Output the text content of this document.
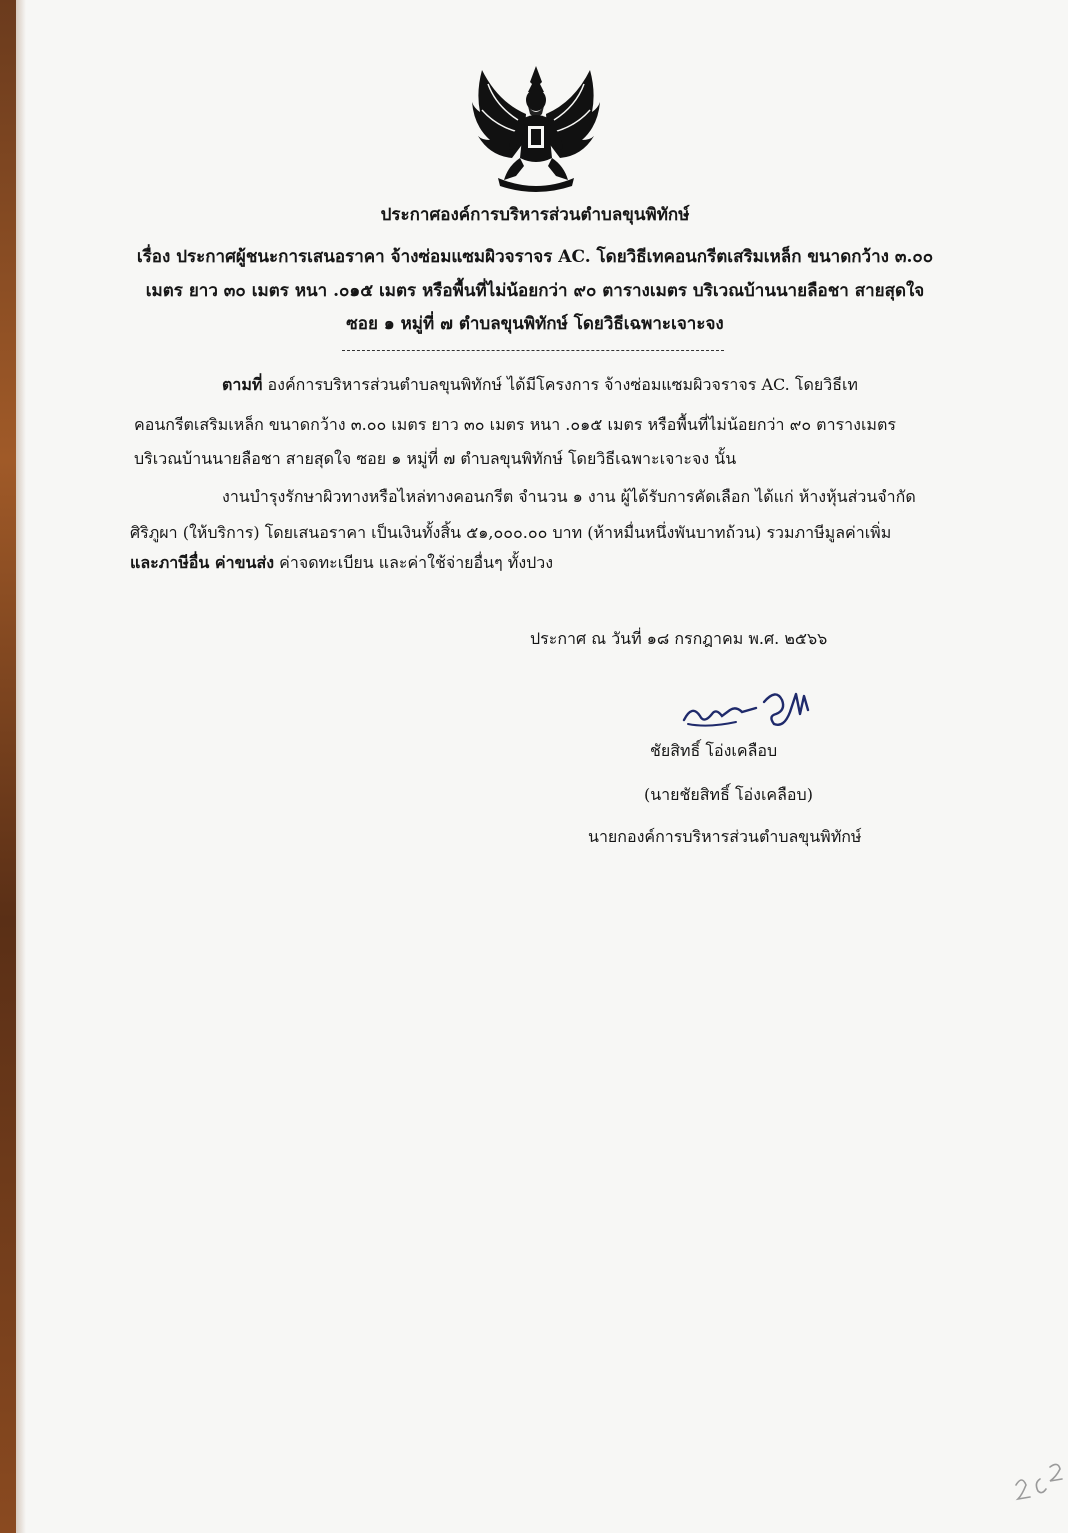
ประกาศองค์การบริหารส่วนตำบลขุนพิทักษ์
เรื่อง ประกาศผู้ชนะการเสนอราคา จ้างซ่อมแซมผิวจราจร AC. โดยวิธีเทคอนกรีตเสริมเหล็ก ขนาดกว้าง ๓.๐๐
เมตร ยาว ๓๐ เมตร หนา .๐๑๕ เมตร หรือพื้นที่ไม่น้อยกว่า ๙๐ ตารางเมตร บริเวณบ้านนายลือชา สายสุดใจ
ซอย ๑ หมู่ที่ ๗ ตำบลขุนพิทักษ์ โดยวิธีเฉพาะเจาะจง
ตามที่ องค์การบริหารส่วนตำบลขุนพิทักษ์ ได้มีโครงการ จ้างซ่อมแซมผิวจราจร AC. โดยวิธีเท
คอนกรีตเสริมเหล็ก ขนาดกว้าง ๓.๐๐ เมตร ยาว ๓๐ เมตร หนา .๐๑๕ เมตร หรือพื้นที่ไม่น้อยกว่า ๙๐ ตารางเมตร
บริเวณบ้านนายลือชา สายสุดใจ ซอย ๑ หมู่ที่ ๗ ตำบลขุนพิทักษ์ โดยวิธีเฉพาะเจาะจง นั้น
งานบำรุงรักษาผิวทางหรือไหล่ทางคอนกรีต จำนวน ๑ งาน ผู้ได้รับการคัดเลือก ได้แก่ ห้างหุ้นส่วนจำกัด
ศิริภูผา (ให้บริการ) โดยเสนอราคา เป็นเงินทั้งสิ้น ๕๑,๐๐๐.๐๐ บาท (ห้าหมื่นหนึ่งพันบาทถ้วน) รวมภาษีมูลค่าเพิ่ม
และภาษีอื่น ค่าขนส่ง ค่าจดทะเบียน และค่าใช้จ่ายอื่นๆ ทั้งปวง
ประกาศ ณ วันที่ ๑๘ กรกฎาคม พ.ศ. ๒๕๖๖
ชัยสิทธิ์ โอ่งเคลือบ
(นายชัยสิทธิ์ โอ่งเคลือบ)
นายกองค์การบริหารส่วนตำบลขุนพิทักษ์
